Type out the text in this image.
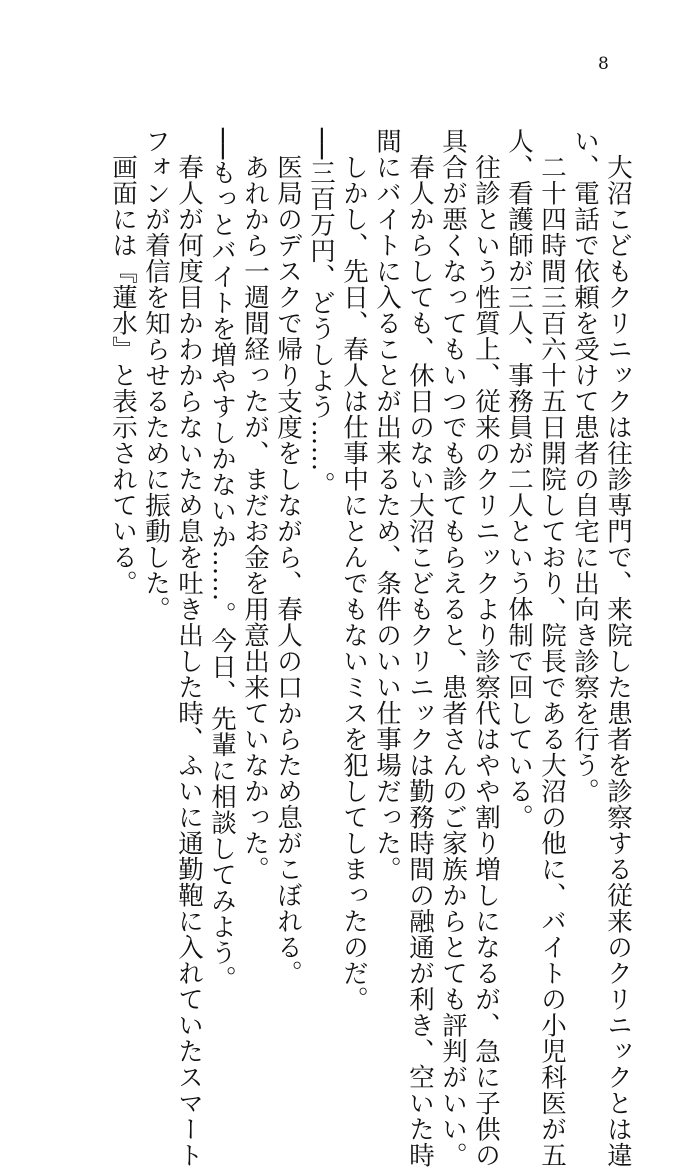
8
大沼こどもクリニックは往診専門で、来院した患者を診察する従来のクリニックとは違
い、電話で依頼を受けて患者の自宅に出向き診察を行う。
二十四時間三百六十五日開院しており、院長である大沼の他に、バイトの小児科医が五
人、看護師が三人、事務員が二人という体制で回している。
往診という性質上、従来のクリニックより診察代はやや割り増しになるが、急に子供の
具合が悪くなってもいつでも診てもらえると、患者さんのご家族からとても評判がいい。
春人からしても、休日のない大沼こどもクリニックは勤務時間の融通が利き、空いた時
間にバイトに入ることが出来るため、条件のいい仕事場だった。
しかし、先日、春人は仕事中にとんでもないミスを犯してしまったのだ。
──三百万円、どうしよう……。
医局のデスクで帰り支度をしながら、春人の口からため息がこぼれる。
あれから一週間経ったが、まだお金を用意出来ていなかった。
──もっとバイトを増やすしかないか……。今日、先輩に相談してみよう。
春人が何度目かわからないため息を吐き出した時、ふいに通勤鞄に入れていたスマート
フォンが着信を知らせるために振動した。
画面には『蓮水』と表示されている。
